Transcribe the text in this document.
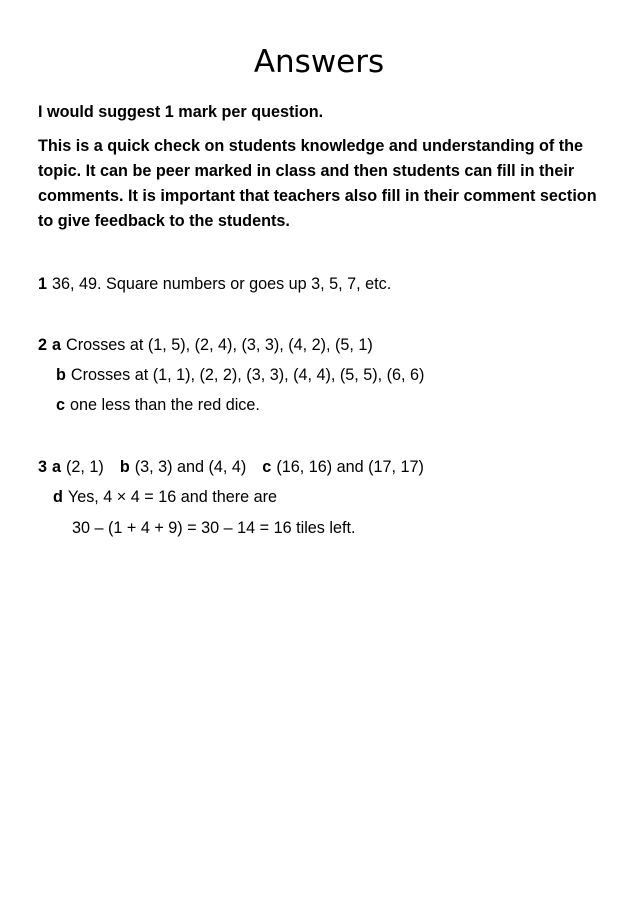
Answers

I would suggest 1 mark per question.

This is a quick check on students knowledge and understanding of the topic. It can be peer marked in class and then students can fill in their comments. It is important that teachers also fill in their comment section to give feedback to the students.

1 36, 49. Square numbers or goes up 3, 5, 7, etc.
2 a Crosses at (1, 5), (2, 4), (3, 3), (4, 2), (5, 1)
b Crosses at (1, 1), (2, 2), (3, 3), (4, 4), (5, 5), (6, 6)
c one less than the red dice.
3 a (2, 1) b (3, 3) and (4, 4) c (16, 16) and (17, 17)
d Yes, 4 × 4 = 16 and there are
30 – (1 + 4 + 9) = 30 – 14 = 16 tiles left.
